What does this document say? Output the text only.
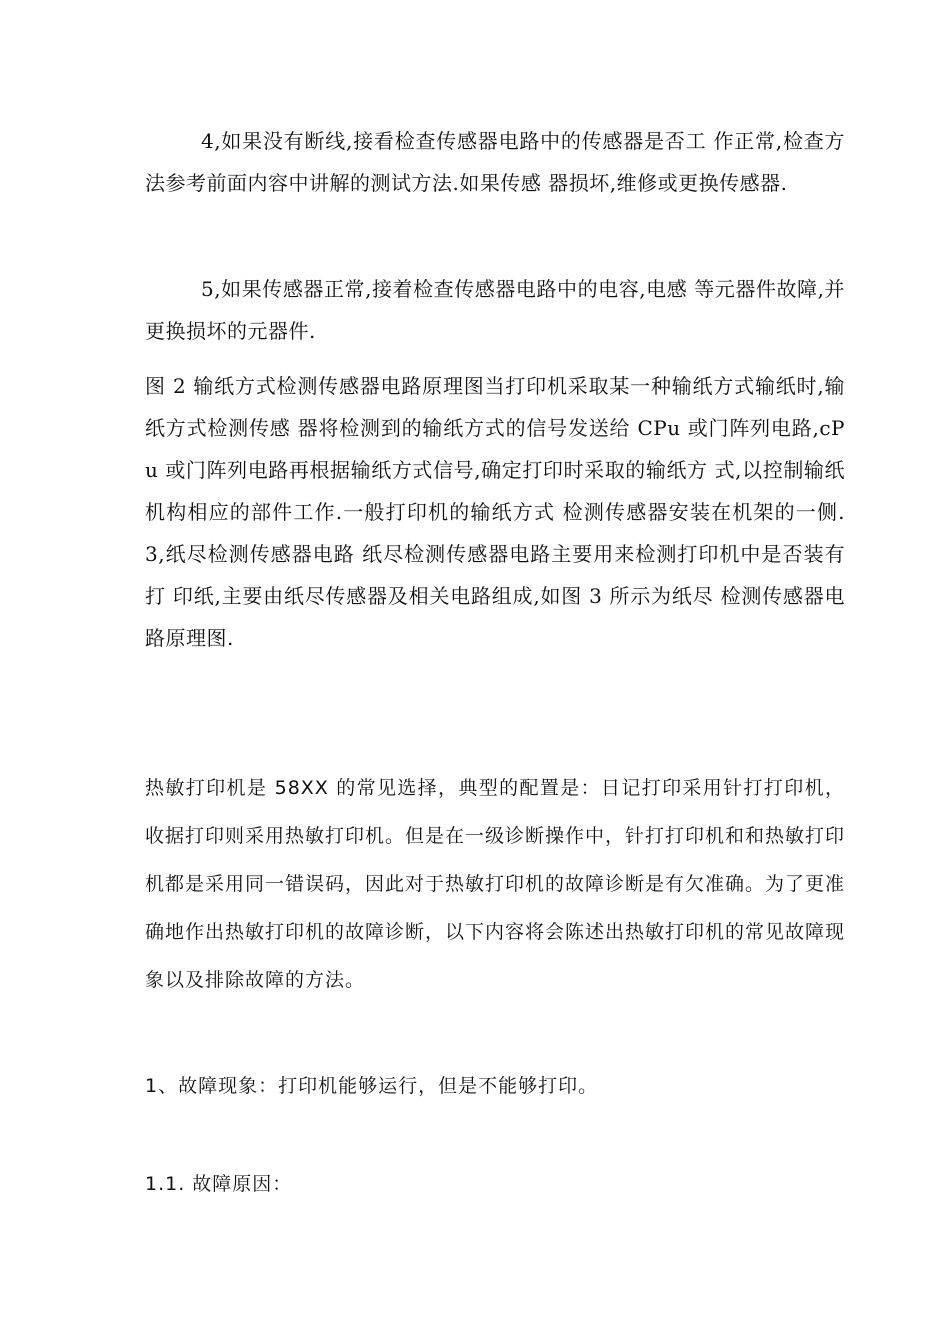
4,如果没有断线,接看检查传感器电路中的传感器是否工 作正常,检查方法参考前面内容中讲解的测试方法.如果传感 器损坏,维修或更换传感器.

5,如果传感器正常,接着检查传感器电路中的电容,电感 等元器件故障,并更换损坏的元器件.

图 2 输纸方式检测传感器电路原理图当打印机采取某一种输纸方式输纸时,输纸方式检测传感 器将检测到的输纸方式的信号发送给 CPu 或门阵列电路,cPu 或门阵列电路再根据输纸方式信号,确定打印时采取的输纸方 式,以控制输纸机构相应的部件工作.一般打印机的输纸方式 检测传感器安装在机架的一侧. 3,纸尽检测传感器电路 纸尽检测传感器电路主要用来检测打印机中是否装有打 印纸,主要由纸尽传感器及相关电路组成,如图 3 所示为纸尽 检测传感器电路原理图.

热敏打印机是 58XX 的常见选择，典型的配置是：日记打印采用针打打印机，收据打印则采用热敏打印机。但是在一级诊断操作中，针打打印机和和热敏打印机都是采用同一错误码，因此对于热敏打印机的故障诊断是有欠准确。为了更准确地作出热敏打印机的故障诊断，以下内容将会陈述出热敏打印机的常见故障现象以及排除故障的方法。

1、故障现象：打印机能够运行，但是不能够打印。

1.1. 故障原因：
